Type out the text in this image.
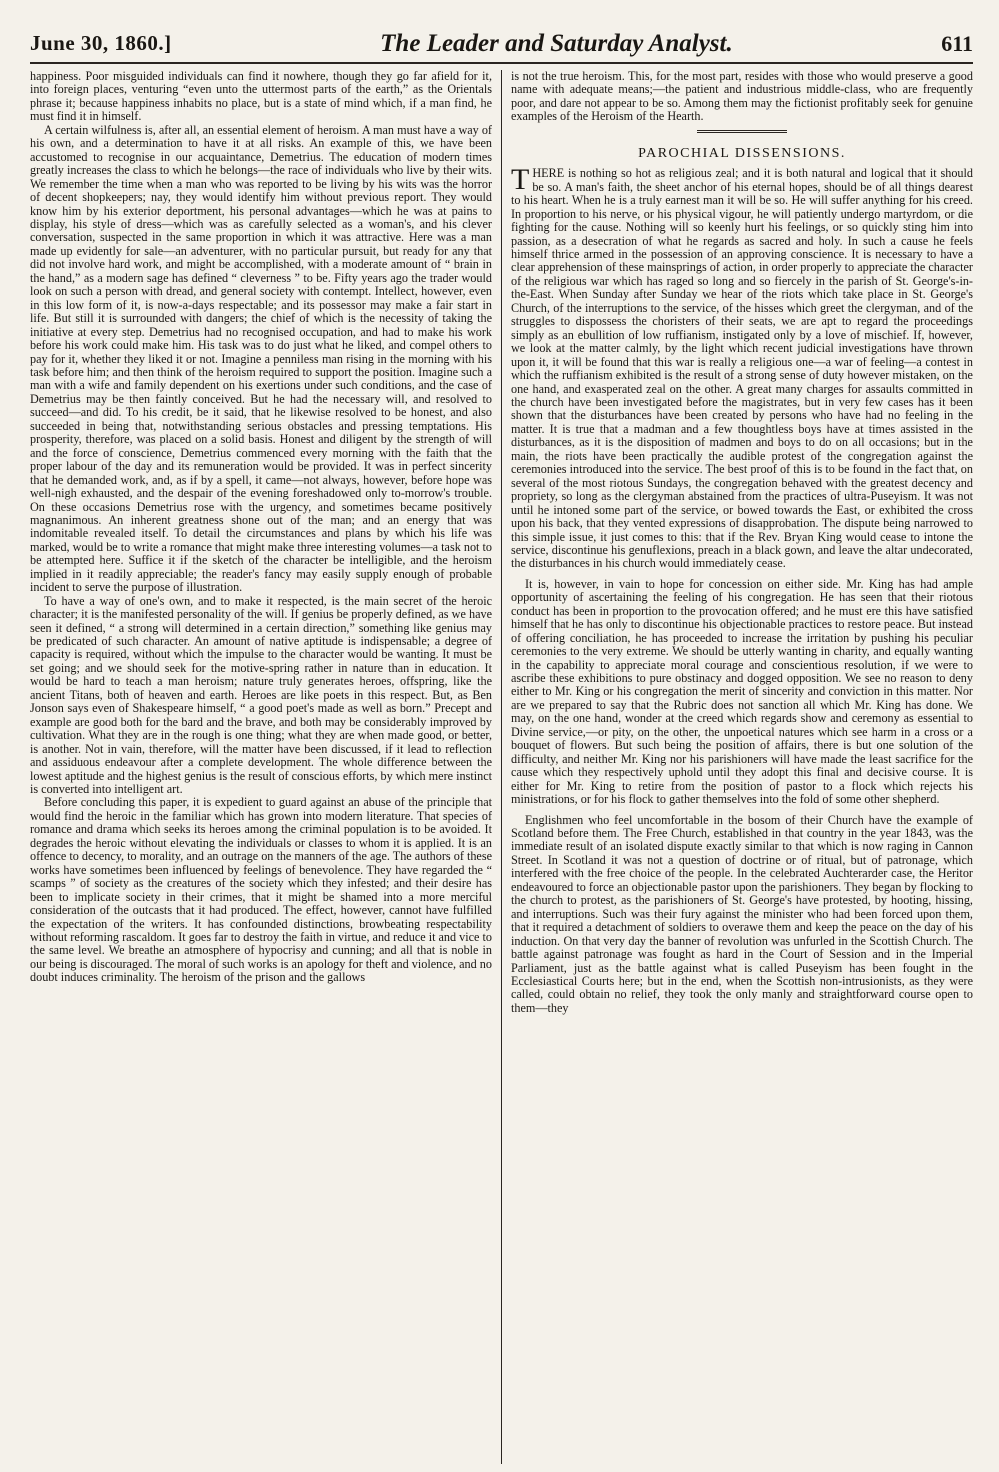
June 30, 1860.]	The Leader and Saturday Analyst.	611

happiness. Poor misguided individuals can find it nowhere, though they go far afield for it, into foreign places, venturing “even unto the uttermost parts of the earth,” as the Orientals phrase it; because happiness inhabits no place, but is a state of mind which, if a man find, he must find it in himself.

A certain wilfulness is, after all, an essential element of heroism. A man must have a way of his own, and a determination to have it at all risks. An example of this, we have been accustomed to recognise in our acquaintance, Demetrius. The education of modern times greatly increases the class to which he belongs—the race of individuals who live by their wits. We remember the time when a man who was reported to be living by his wits was the horror of decent shopkeepers; nay, they would identify him without previous report. They would know him by his exterior deportment, his personal advantages—which he was at pains to display, his style of dress—which was as carefully selected as a woman's, and his clever conversation, suspected in the same proportion in which it was attractive. Here was a man made up evidently for sale—an adventurer, with no particular pursuit, but ready for any that did not involve hard work, and might be accomplished, with a moderate amount of “ brain in the hand,” as a modern sage has defined “ cleverness ” to be. Fifty years ago the trader would look on such a person with dread, and general society with contempt. Intellect, however, even in this low form of it, is now-a-days respectable; and its possessor may make a fair start in life. But still it is surrounded with dangers; the chief of which is the necessity of taking the initiative at every step. Demetrius had no recognised occupation, and had to make his work before his work could make him. His task was to do just what he liked, and compel others to pay for it, whether they liked it or not. Imagine a penniless man rising in the morning with his task before him; and then think of the heroism required to support the position. Imagine such a man with a wife and family dependent on his exertions under such conditions, and the case of Demetrius may be then faintly conceived. But he had the necessary will, and resolved to succeed—and did. To his credit, be it said, that he likewise resolved to be honest, and also succeeded in being that, notwithstanding serious obstacles and pressing temptations. His prosperity, therefore, was placed on a solid basis. Honest and diligent by the strength of will and the force of conscience, Demetrius commenced every morning with the faith that the proper labour of the day and its remuneration would be provided. It was in perfect sincerity that he demanded work, and, as if by a spell, it came—not always, however, before hope was well-nigh exhausted, and the despair of the evening foreshadowed only to-morrow's trouble. On these occasions Demetrius rose with the urgency, and sometimes became positively magnanimous. An inherent greatness shone out of the man; and an energy that was indomitable revealed itself. To detail the circumstances and plans by which his life was marked, would be to write a romance that might make three interesting volumes—a task not to be attempted here. Suffice it if the sketch of the character be intelligible, and the heroism implied in it readily appreciable; the reader's fancy may easily supply enough of probable incident to serve the purpose of illustration.

To have a way of one's own, and to make it respected, is the main secret of the heroic character; it is the manifested personality of the will. If genius be properly defined, as we have seen it defined, “ a strong will determined in a certain direction,” something like genius may be predicated of such character. An amount of native aptitude is indispensable; a degree of capacity is required, without which the impulse to the character would be wanting. It must be set going; and we should seek for the motive-spring rather in nature than in education. It would be hard to teach a man heroism; nature truly generates heroes, offspring, like the ancient Titans, both of heaven and earth. Heroes are like poets in this respect. But, as Ben Jonson says even of Shakespeare himself, “ a good poet's made as well as born.” Precept and example are good both for the bard and the brave, and both may be considerably improved by cultivation. What they are in the rough is one thing; what they are when made good, or better, is another. Not in vain, therefore, will the matter have been discussed, if it lead to reflection and assiduous endeavour after a complete development. The whole difference between the lowest aptitude and the highest genius is the result of conscious efforts, by which mere instinct is converted into intelligent art.

Before concluding this paper, it is expedient to guard against an abuse of the principle that would find the heroic in the familiar which has grown into modern literature. That species of romance and drama which seeks its heroes among the criminal population is to be avoided. It degrades the heroic without elevating the individuals or classes to whom it is applied. It is an offence to decency, to morality, and an outrage on the manners of the age. The authors of these works have sometimes been influenced by feelings of benevolence. They have regarded the “ scamps ” of society as the creatures of the society which they infested; and their desire has been to implicate society in their crimes, that it might be shamed into a more merciful consideration of the outcasts that it had produced. The effect, however, cannot have fulfilled the expectation of the writers. It has confounded distinctions, browbeating respectability without reforming rascaldom. It goes far to destroy the faith in virtue, and reduce it and vice to the same level. We breathe an atmosphere of hypocrisy and cunning; and all that is noble in our being is discouraged. The moral of such works is an apology for theft and violence, and no doubt induces criminality. The heroism of the prison and the gallows

is not the true heroism. This, for the most part, resides with those who would preserve a good name with adequate means;—the patient and industrious middle-class, who are frequently poor, and dare not appear to be so. Among them may the fictionist profitably seek for genuine examples of the Heroism of the Hearth.

PAROCHIAL DISSENSIONS.

THERE is nothing so hot as religious zeal; and it is both natural and logical that it should be so. A man's faith, the sheet anchor of his eternal hopes, should be of all things dearest to his heart. When he is a truly earnest man it will be so. He will suffer anything for his creed. In proportion to his nerve, or his physical vigour, he will patiently undergo martyrdom, or die fighting for the cause. Nothing will so keenly hurt his feelings, or so quickly sting him into passion, as a desecration of what he regards as sacred and holy. In such a cause he feels himself thrice armed in the possession of an approving conscience. It is necessary to have a clear apprehension of these mainsprings of action, in order properly to appreciate the character of the religious war which has raged so long and so fiercely in the parish of St. George's-in-the-East. When Sunday after Sunday we hear of the riots which take place in St. George's Church, of the interruptions to the service, of the hisses which greet the clergyman, and of the struggles to dispossess the choristers of their seats, we are apt to regard the proceedings simply as an ebullition of low ruffianism, instigated only by a love of mischief. If, however, we look at the matter calmly, by the light which recent judicial investigations have thrown upon it, it will be found that this war is really a religious one—a war of feeling—a contest in which the ruffianism exhibited is the result of a strong sense of duty however mistaken, on the one hand, and exasperated zeal on the other. A great many charges for assaults committed in the church have been investigated before the magistrates, but in very few cases has it been shown that the disturbances have been created by persons who have had no feeling in the matter. It is true that a madman and a few thoughtless boys have at times assisted in the disturbances, as it is the disposition of madmen and boys to do on all occasions; but in the main, the riots have been practically the audible protest of the congregation against the ceremonies introduced into the service. The best proof of this is to be found in the fact that, on several of the most riotous Sundays, the congregation behaved with the greatest decency and propriety, so long as the clergyman abstained from the practices of ultra-Puseyism. It was not until he intoned some part of the service, or bowed towards the East, or exhibited the cross upon his back, that they vented expressions of disapprobation. The dispute being narrowed to this simple issue, it just comes to this: that if the Rev. Bryan King would cease to intone the service, discontinue his genuflexions, preach in a black gown, and leave the altar undecorated, the disturbances in his church would immediately cease.

It is, however, in vain to hope for concession on either side. Mr. King has had ample opportunity of ascertaining the feeling of his congregation. He has seen that their riotous conduct has been in proportion to the provocation offered; and he must ere this have satisfied himself that he has only to discontinue his objectionable practices to restore peace. But instead of offering conciliation, he has proceeded to increase the irritation by pushing his peculiar ceremonies to the very extreme. We should be utterly wanting in charity, and equally wanting in the capability to appreciate moral courage and conscientious resolution, if we were to ascribe these exhibitions to pure obstinacy and dogged opposition. We see no reason to deny either to Mr. King or his congregation the merit of sincerity and conviction in this matter. Nor are we prepared to say that the Rubric does not sanction all which Mr. King has done. We may, on the one hand, wonder at the creed which regards show and ceremony as essential to Divine service,—or pity, on the other, the unpoetical natures which see harm in a cross or a bouquet of flowers. But such being the position of affairs, there is but one solution of the difficulty, and neither Mr. King nor his parishioners will have made the least sacrifice for the cause which they respectively uphold until they adopt this final and decisive course. It is either for Mr. King to retire from the position of pastor to a flock which rejects his ministrations, or for his flock to gather themselves into the fold of some other shepherd.

Englishmen who feel uncomfortable in the bosom of their Church have the example of Scotland before them. The Free Church, established in that country in the year 1843, was the immediate result of an isolated dispute exactly similar to that which is now raging in Cannon Street. In Scotland it was not a question of doctrine or of ritual, but of patronage, which interfered with the free choice of the people. In the celebrated Auchterarder case, the Heritor endeavoured to force an objectionable pastor upon the parishioners. They began by flocking to the church to protest, as the parishioners of St. George's have protested, by hooting, hissing, and interruptions. Such was their fury against the minister who had been forced upon them, that it required a detachment of soldiers to overawe them and keep the peace on the day of his induction. On that very day the banner of revolution was unfurled in the Scottish Church. The battle against patronage was fought as hard in the Court of Session and in the Imperial Parliament, just as the battle against what is called Puseyism has been fought in the Ecclesiastical Courts here; but in the end, when the Scottish non-intrusionists, as they were called, could obtain no relief, they took the only manly and straightforward course open to them—they
